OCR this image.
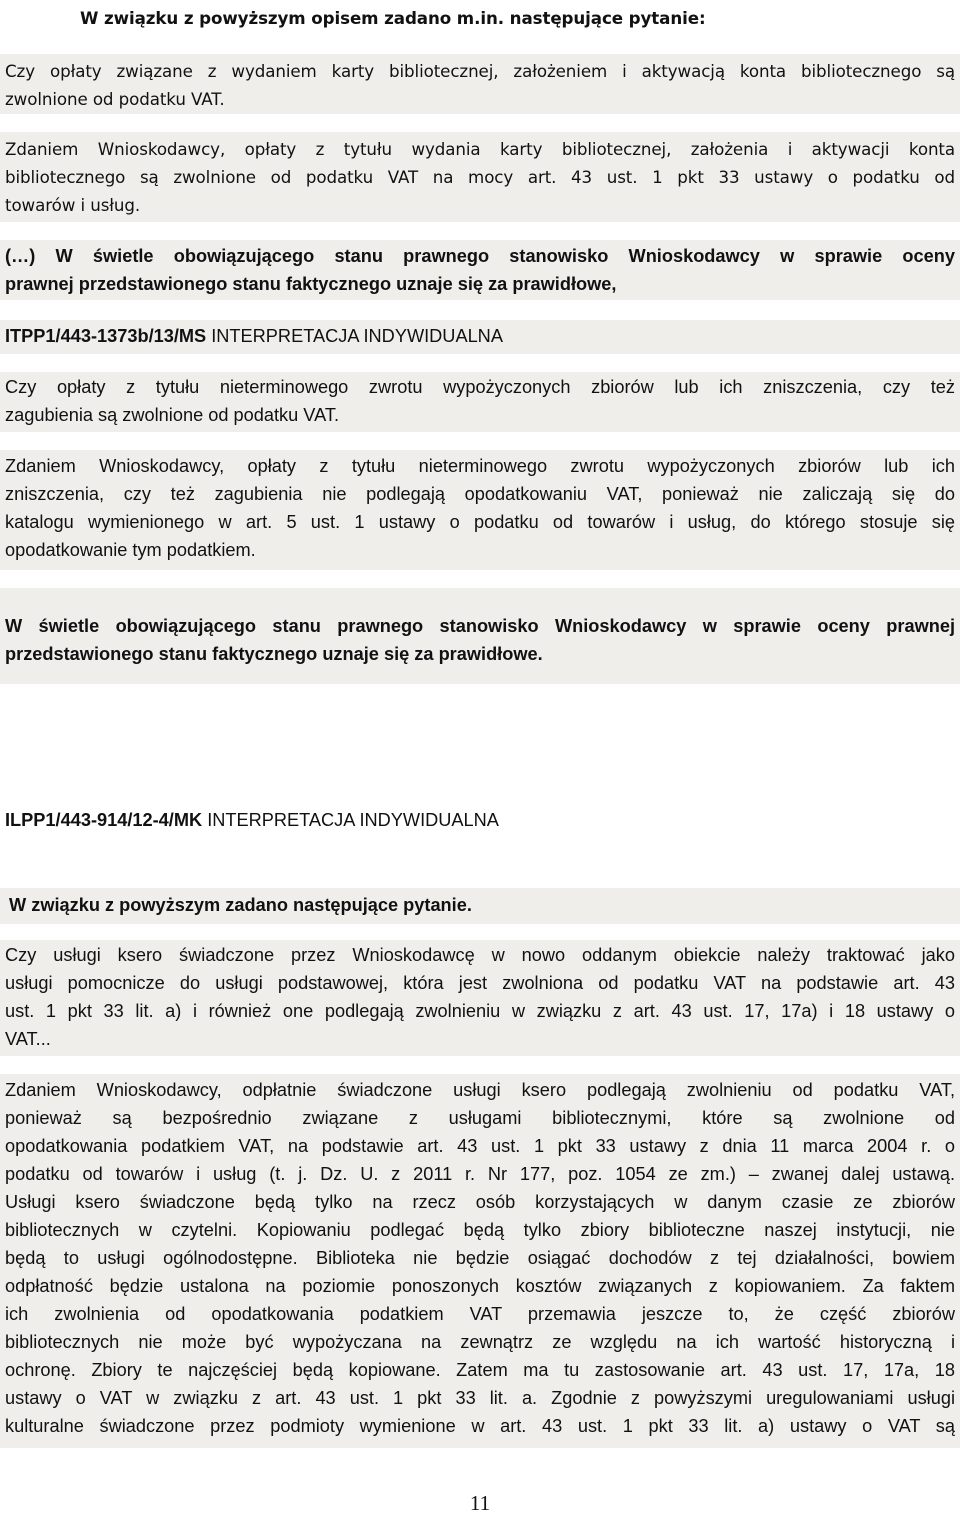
W związku z powyższym opisem zadano m.in. następujące pytanie:
Czy opłaty związane z wydaniem karty bibliotecznej, założeniem i aktywacją konta bibliotecznego są
zwolnione od podatku VAT.
Zdaniem Wnioskodawcy, opłaty z tytułu wydania karty bibliotecznej, założenia i aktywacji konta
bibliotecznego są zwolnione od podatku VAT na mocy art. 43 ust. 1 pkt 33 ustawy o podatku od
towarów i usług.
(…) W świetle obowiązującego stanu prawnego stanowisko Wnioskodawcy w sprawie oceny
prawnej przedstawionego stanu faktycznego uznaje się za prawidłowe,
ITPP1/443-1373b/13/MS INTERPRETACJA INDYWIDUALNA
Czy opłaty z tytułu nieterminowego zwrotu wypożyczonych zbiorów lub ich zniszczenia, czy też
zagubienia są zwolnione od podatku VAT.
Zdaniem Wnioskodawcy, opłaty z tytułu nieterminowego zwrotu wypożyczonych zbiorów lub ich
zniszczenia, czy też zagubienia nie podlegają opodatkowaniu VAT, ponieważ nie zaliczają się do
katalogu wymienionego w art. 5 ust. 1 ustawy o podatku od towarów i usług, do którego stosuje się
opodatkowanie tym podatkiem.
W świetle obowiązującego stanu prawnego stanowisko Wnioskodawcy w sprawie oceny prawnej
przedstawionego stanu faktycznego uznaje się za prawidłowe.
ILPP1/443-914/12-4/MK INTERPRETACJA INDYWIDUALNA
W związku z powyższym zadano następujące pytanie.
Czy usługi ksero świadczone przez Wnioskodawcę w nowo oddanym obiekcie należy traktować jako
usługi pomocnicze do usługi podstawowej, która jest zwolniona od podatku VAT na podstawie art. 43
ust. 1 pkt 33 lit. a) i również one podlegają zwolnieniu w związku z art. 43 ust. 17, 17a) i 18 ustawy o
VAT...
Zdaniem Wnioskodawcy, odpłatnie świadczone usługi ksero podlegają zwolnieniu od podatku VAT,
ponieważ są bezpośrednio związane z usługami bibliotecznymi, które są zwolnione od
opodatkowania podatkiem VAT, na podstawie art. 43 ust. 1 pkt 33 ustawy z dnia 11 marca 2004 r. o
podatku od towarów i usług (t. j. Dz. U. z 2011 r. Nr 177, poz. 1054 ze zm.) – zwanej dalej ustawą.
Usługi ksero świadczone będą tylko na rzecz osób korzystających w danym czasie ze zbiorów
bibliotecznych w czytelni. Kopiowaniu podlegać będą tylko zbiory biblioteczne naszej instytucji, nie
będą to usługi ogólnodostępne. Biblioteka nie będzie osiągać dochodów z tej działalności, bowiem
odpłatność będzie ustalona na poziomie ponoszonych kosztów związanych z kopiowaniem. Za faktem
ich zwolnienia od opodatkowania podatkiem VAT przemawia jeszcze to, że część zbiorów
bibliotecznych nie może być wypożyczana na zewnątrz ze względu na ich wartość historyczną i
ochronę. Zbiory te najczęściej będą kopiowane. Zatem ma tu zastosowanie art. 43 ust. 17, 17a, 18
ustawy o VAT w związku z art. 43 ust. 1 pkt 33 lit. a. Zgodnie z powyższymi uregulowaniami usługi
kulturalne świadczone przez podmioty wymienione w art. 43 ust. 1 pkt 33 lit. a) ustawy o VAT są
11
